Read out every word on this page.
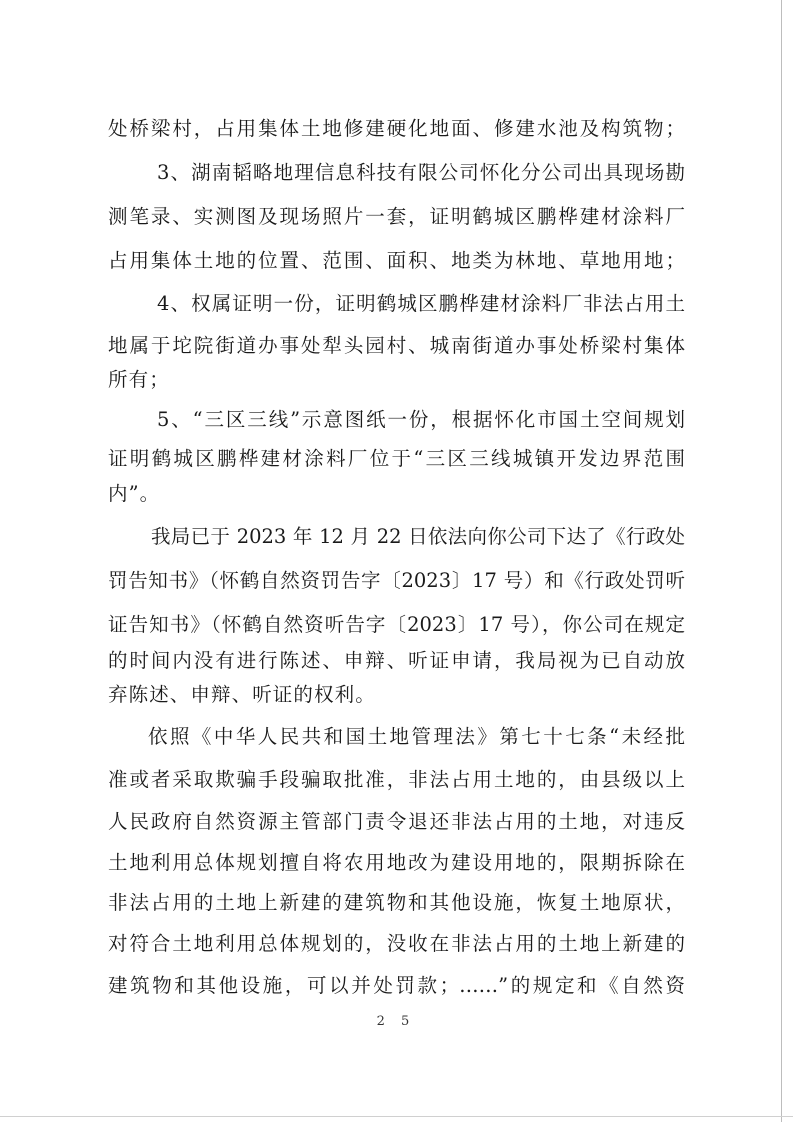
处桥梁村，占用集体土地修建硬化地面、修建水池及构筑物；
3、湖南韬略地理信息科技有限公司怀化分公司出具现场勘
测笔录、实测图及现场照片一套，证明鹤城区鹏桦建材涂料厂
占用集体土地的位置、范围、面积、地类为林地、草地用地；
4、权属证明一份，证明鹤城区鹏桦建材涂料厂非法占用土
地属于坨院街道办事处犁头园村、城南街道办事处桥梁村集体
所有；
5、“三区三线”示意图纸一份，根据怀化市国土空间规划
证明鹤城区鹏桦建材涂料厂位于“三区三线城镇开发边界范围
内”。
我局已于 2023 年 12 月 22 日依法向你公司下达了《行政处
罚告知书》（怀鹤自然资罚告字〔2023〕17 号）和《行政处罚听
证告知书》（怀鹤自然资听告字〔2023〕17 号），你公司在规定
的时间内没有进行陈述、申辩、听证申请，我局视为已自动放
弃陈述、申辩、听证的权利。
依照《中华人民共和国土地管理法》第七十七条“未经批
准或者采取欺骗手段骗取批准，非法占用土地的，由县级以上
人民政府自然资源主管部门责令退还非法占用的土地，对违反
土地利用总体规划擅自将农用地改为建设用地的，限期拆除在
非法占用的土地上新建的建筑物和其他设施，恢复土地原状，
对符合土地利用总体规划的，没收在非法占用的土地上新建的
建筑物和其他设施，可以并处罚款；……”的规定和《自然资
2 5
